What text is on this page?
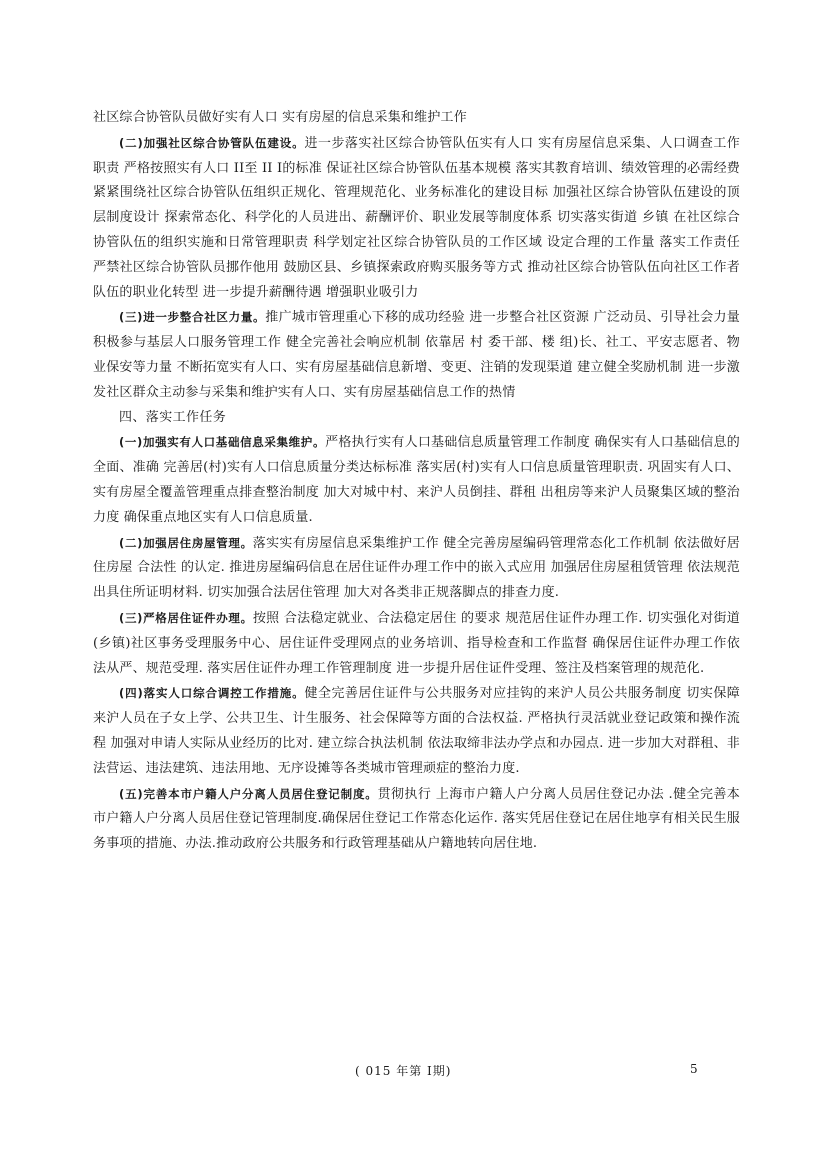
社区综合协管队员做好实有人口 实有房屋的信息采集和维护工作

(二)加强社区综合协管队伍建设。进一步落实社区综合协管队伍实有人口 实有房屋信息采集、人口调查工作职责 严格按照实有人口 ⅠⅠ至 ⅠⅠ Ⅰ的标准 保证社区综合协管队伍基本规模 落实其教育培训、绩效管理的必需经费 紧紧围绕社区综合协管队伍组织正规化、管理规范化、业务标准化的建设目标 加强社区综合协管队伍建设的顶层制度设计 探索常态化、科学化的人员进出、薪酬评价、职业发展等制度体系 切实落实街道 乡镇 在社区综合协管队伍的组织实施和日常管理职责 科学划定社区综合协管队员的工作区域 设定合理的工作量 落实工作责任 严禁社区综合协管队员挪作他用 鼓励区县、乡镇探索政府购买服务等方式 推动社区综合协管队伍向社区工作者队伍的职业化转型 进一步提升薪酬待遇 增强职业吸引力

(三)进一步整合社区力量。推广城市管理重心下移的成功经验 进一步整合社区资源 广泛动员、引导社会力量积极参与基层人口服务管理工作 健全完善社会响应机制 依靠居 村 委干部、楼 组)长、社工、平安志愿者、物业保安等力量 不断拓宽实有人口、实有房屋基础信息新增、变更、注销的发现渠道 建立健全奖励机制 进一步激发社区群众主动参与采集和维护实有人口、实有房屋基础信息工作的热情

四、落实工作任务

(一)加强实有人口基础信息采集维护。严格执行实有人口基础信息质量管理工作制度 确保实有人口基础信息的全面、准确 完善居(村)实有人口信息质量分类达标标准 落实居(村)实有人口信息质量管理职责. 巩固实有人口、实有房屋全覆盖管理重点排查整治制度 加大对城中村、来沪人员倒挂、群租 出租房等来沪人员聚集区域的整治力度 确保重点地区实有人口信息质量.

(二)加强居住房屋管理。落实实有房屋信息采集维护工作 健全完善房屋编码管理常态化工作机制 依法做好居住房屋 合法性 的认定. 推进房屋编码信息在居住证件办理工作中的嵌入式应用 加强居住房屋租赁管理 依法规范出具住所证明材料. 切实加强合法居住管理 加大对各类非正规落脚点的排查力度.

(三)严格居住证件办理。按照 合法稳定就业、合法稳定居住 的要求 规范居住证件办理工作. 切实强化对街道(乡镇)社区事务受理服务中心、居住证件受理网点的业务培训、指导检查和工作监督 确保居住证件办理工作依法从严、规范受理. 落实居住证件办理工作管理制度 进一步提升居住证件受理、签注及档案管理的规范化.

(四)落实人口综合调控工作措施。健全完善居住证件与公共服务对应挂钩的来沪人员公共服务制度 切实保障来沪人员在子女上学、公共卫生、计生服务、社会保障等方面的合法权益. 严格执行灵活就业登记政策和操作流程 加强对申请人实际从业经历的比对. 建立综合执法机制 依法取缔非法办学点和办园点. 进一步加大对群租、非法营运、违法建筑、违法用地、无序设摊等各类城市管理顽症的整治力度.

(五)完善本市户籍人户分离人员居住登记制度。贯彻执行 上海市户籍人户分离人员居住登记办法 .健全完善本市户籍人户分离人员居住登记管理制度.确保居住登记工作常态化运作. 落实凭居住登记在居住地享有相关民生服务事项的措施、办法.推动政府公共服务和行政管理基础从户籍地转向居住地.

( 015 年第 Ⅰ期)	5
